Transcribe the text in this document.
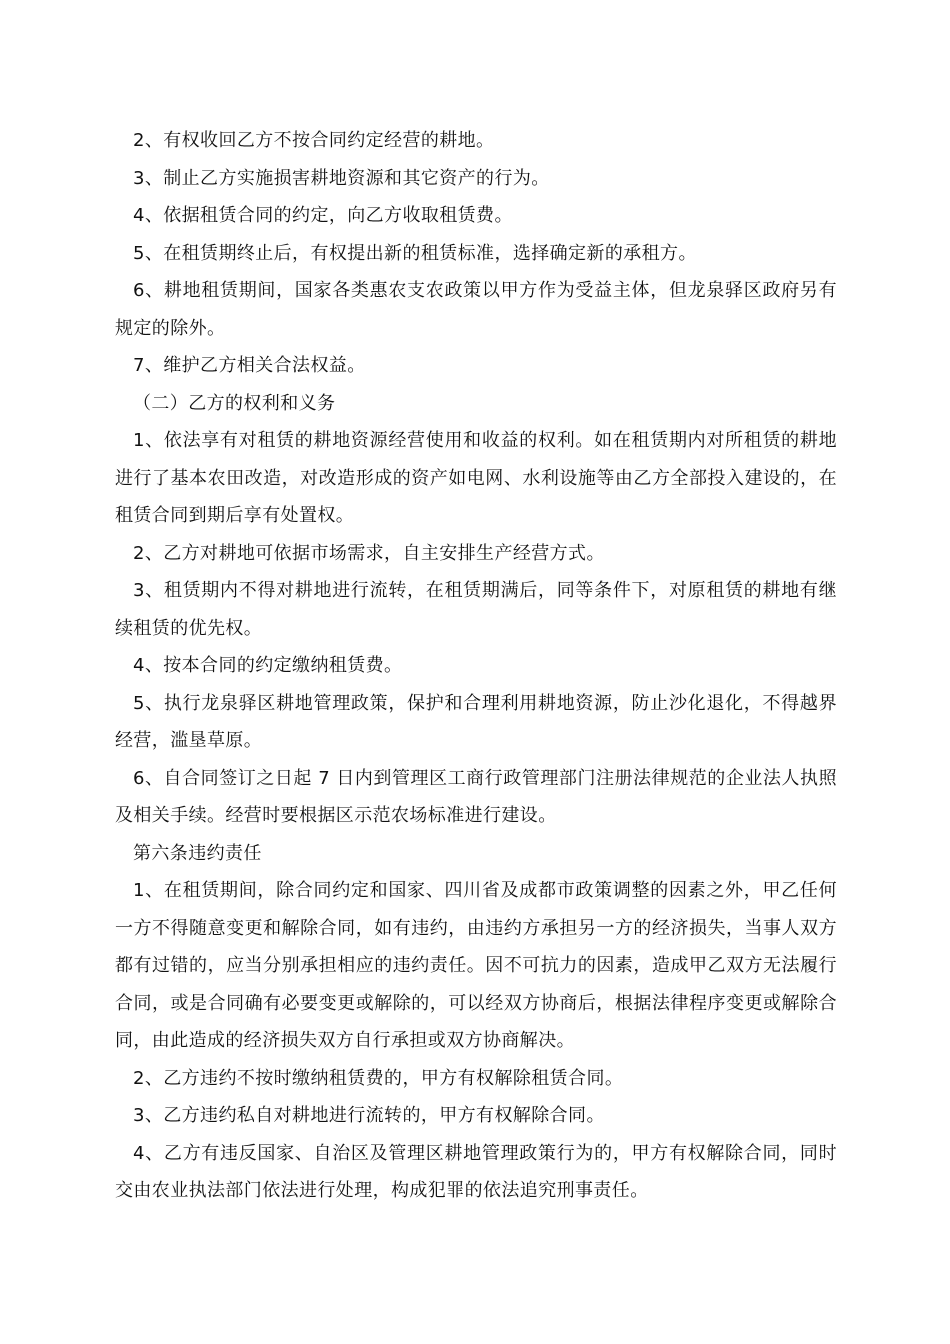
2、有权收回乙方不按合同约定经营的耕地。

3、制止乙方实施损害耕地资源和其它资产的行为。

4、依据租赁合同的约定，向乙方收取租赁费。

5、在租赁期终止后，有权提出新的租赁标准，选择确定新的承租方。

6、耕地租赁期间，国家各类惠农支农政策以甲方作为受益主体，但龙泉驿区政府另有规定的除外。

7、维护乙方相关合法权益。

（二）乙方的权利和义务

1、依法享有对租赁的耕地资源经营使用和收益的权利。如在租赁期内对所租赁的耕地进行了基本农田改造，对改造形成的资产如电网、水利设施等由乙方全部投入建设的，在租赁合同到期后享有处置权。

2、乙方对耕地可依据市场需求，自主安排生产经营方式。

3、租赁期内不得对耕地进行流转，在租赁期满后，同等条件下，对原租赁的耕地有继续租赁的优先权。

4、按本合同的约定缴纳租赁费。

5、执行龙泉驿区耕地管理政策，保护和合理利用耕地资源，防止沙化退化，不得越界经营，滥垦草原。

6、自合同签订之日起 7 日内到管理区工商行政管理部门注册法律规范的企业法人执照及相关手续。经营时要根据区示范农场标准进行建设。

第六条违约责任

1、在租赁期间，除合同约定和国家、四川省及成都市政策调整的因素之外，甲乙任何一方不得随意变更和解除合同，如有违约，由违约方承担另一方的经济损失，当事人双方都有过错的，应当分别承担相应的违约责任。因不可抗力的因素，造成甲乙双方无法履行合同，或是合同确有必要变更或解除的，可以经双方协商后，根据法律程序变更或解除合同，由此造成的经济损失双方自行承担或双方协商解决。

2、乙方违约不按时缴纳租赁费的，甲方有权解除租赁合同。

3、乙方违约私自对耕地进行流转的，甲方有权解除合同。

4、乙方有违反国家、自治区及管理区耕地管理政策行为的，甲方有权解除合同，同时交由农业执法部门依法进行处理，构成犯罪的依法追究刑事责任。
